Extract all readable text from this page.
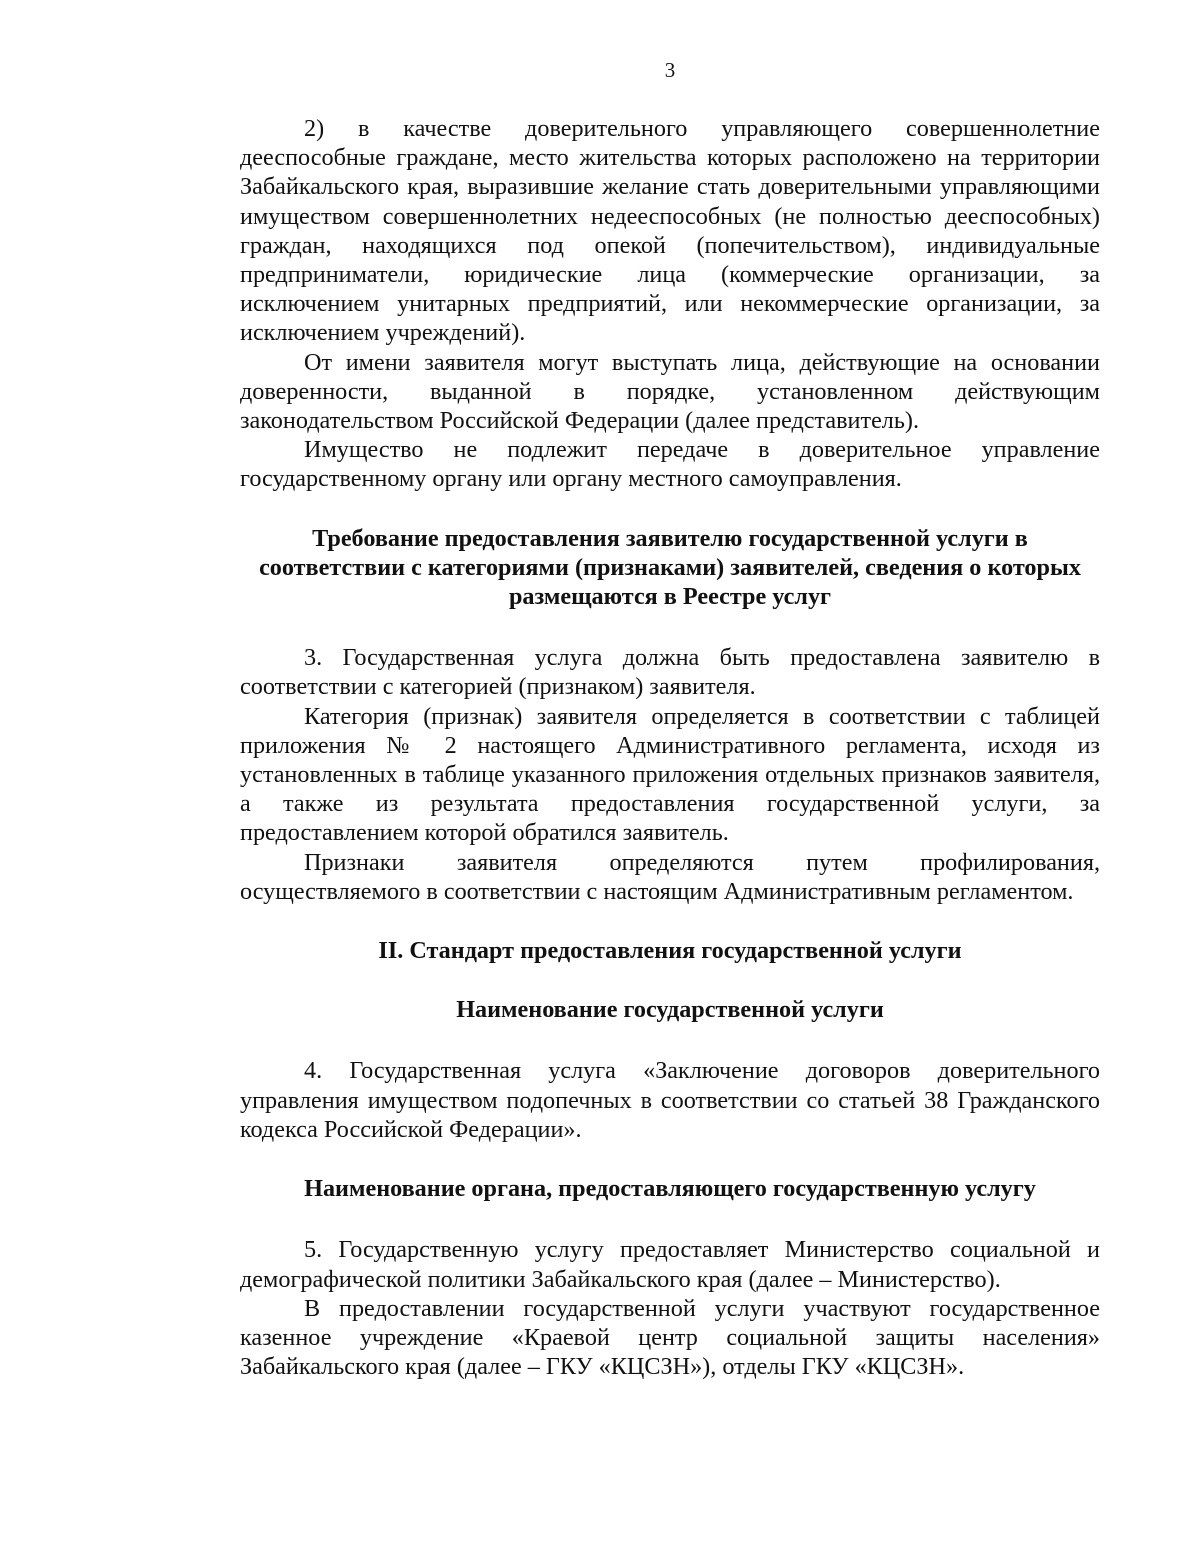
3

2) в качестве доверительного управляющего совершеннолетние дееспособные граждане, место жительства которых расположено на территории Забайкальского края, выразившие желание стать доверительными управляющими имуществом совершеннолетних недееспособных (не полностью дееспособных) граждан, находящихся под опекой (попечительством), индивидуальные предприниматели, юридические лица (коммерческие организации, за исключением унитарных предприятий, или некоммерческие организации, за исключением учреждений).

От имени заявителя могут выступать лица, действующие на основании доверенности, выданной в порядке, установленном действующим законодательством Российской Федерации (далее представитель).

Имущество не подлежит передаче в доверительное управление государственному органу или органу местного самоуправления.

Требование предоставления заявителю государственной услуги в соответствии с категориями (признаками) заявителей, сведения о которых размещаются в Реестре услуг

3. Государственная услуга должна быть предоставлена заявителю в соответствии с категорией (признаком) заявителя.

Категория (признак) заявителя определяется в соответствии с таблицей приложения № 2 настоящего Административного регламента, исходя из установленных в таблице указанного приложения отдельных признаков заявителя, а также из результата предоставления государственной услуги, за предоставлением которой обратился заявитель.

Признаки заявителя определяются путем профилирования, осуществляемого в соответствии с настоящим Административным регламентом.

II. Стандарт предоставления государственной услуги
Наименование государственной услуги

4. Государственная услуга «Заключение договоров доверительного управления имуществом подопечных в соответствии со статьей 38 Гражданского кодекса Российской Федерации».

Наименование органа, предоставляющего государственную услугу

5. Государственную услугу предоставляет Министерство социальной и демографической политики Забайкальского края (далее – Министерство).

В предоставлении государственной услуги участвуют государственное казенное учреждение «Краевой центр социальной защиты населения» Забайкальского края (далее – ГКУ «КЦСЗН»), отделы ГКУ «КЦСЗН».
